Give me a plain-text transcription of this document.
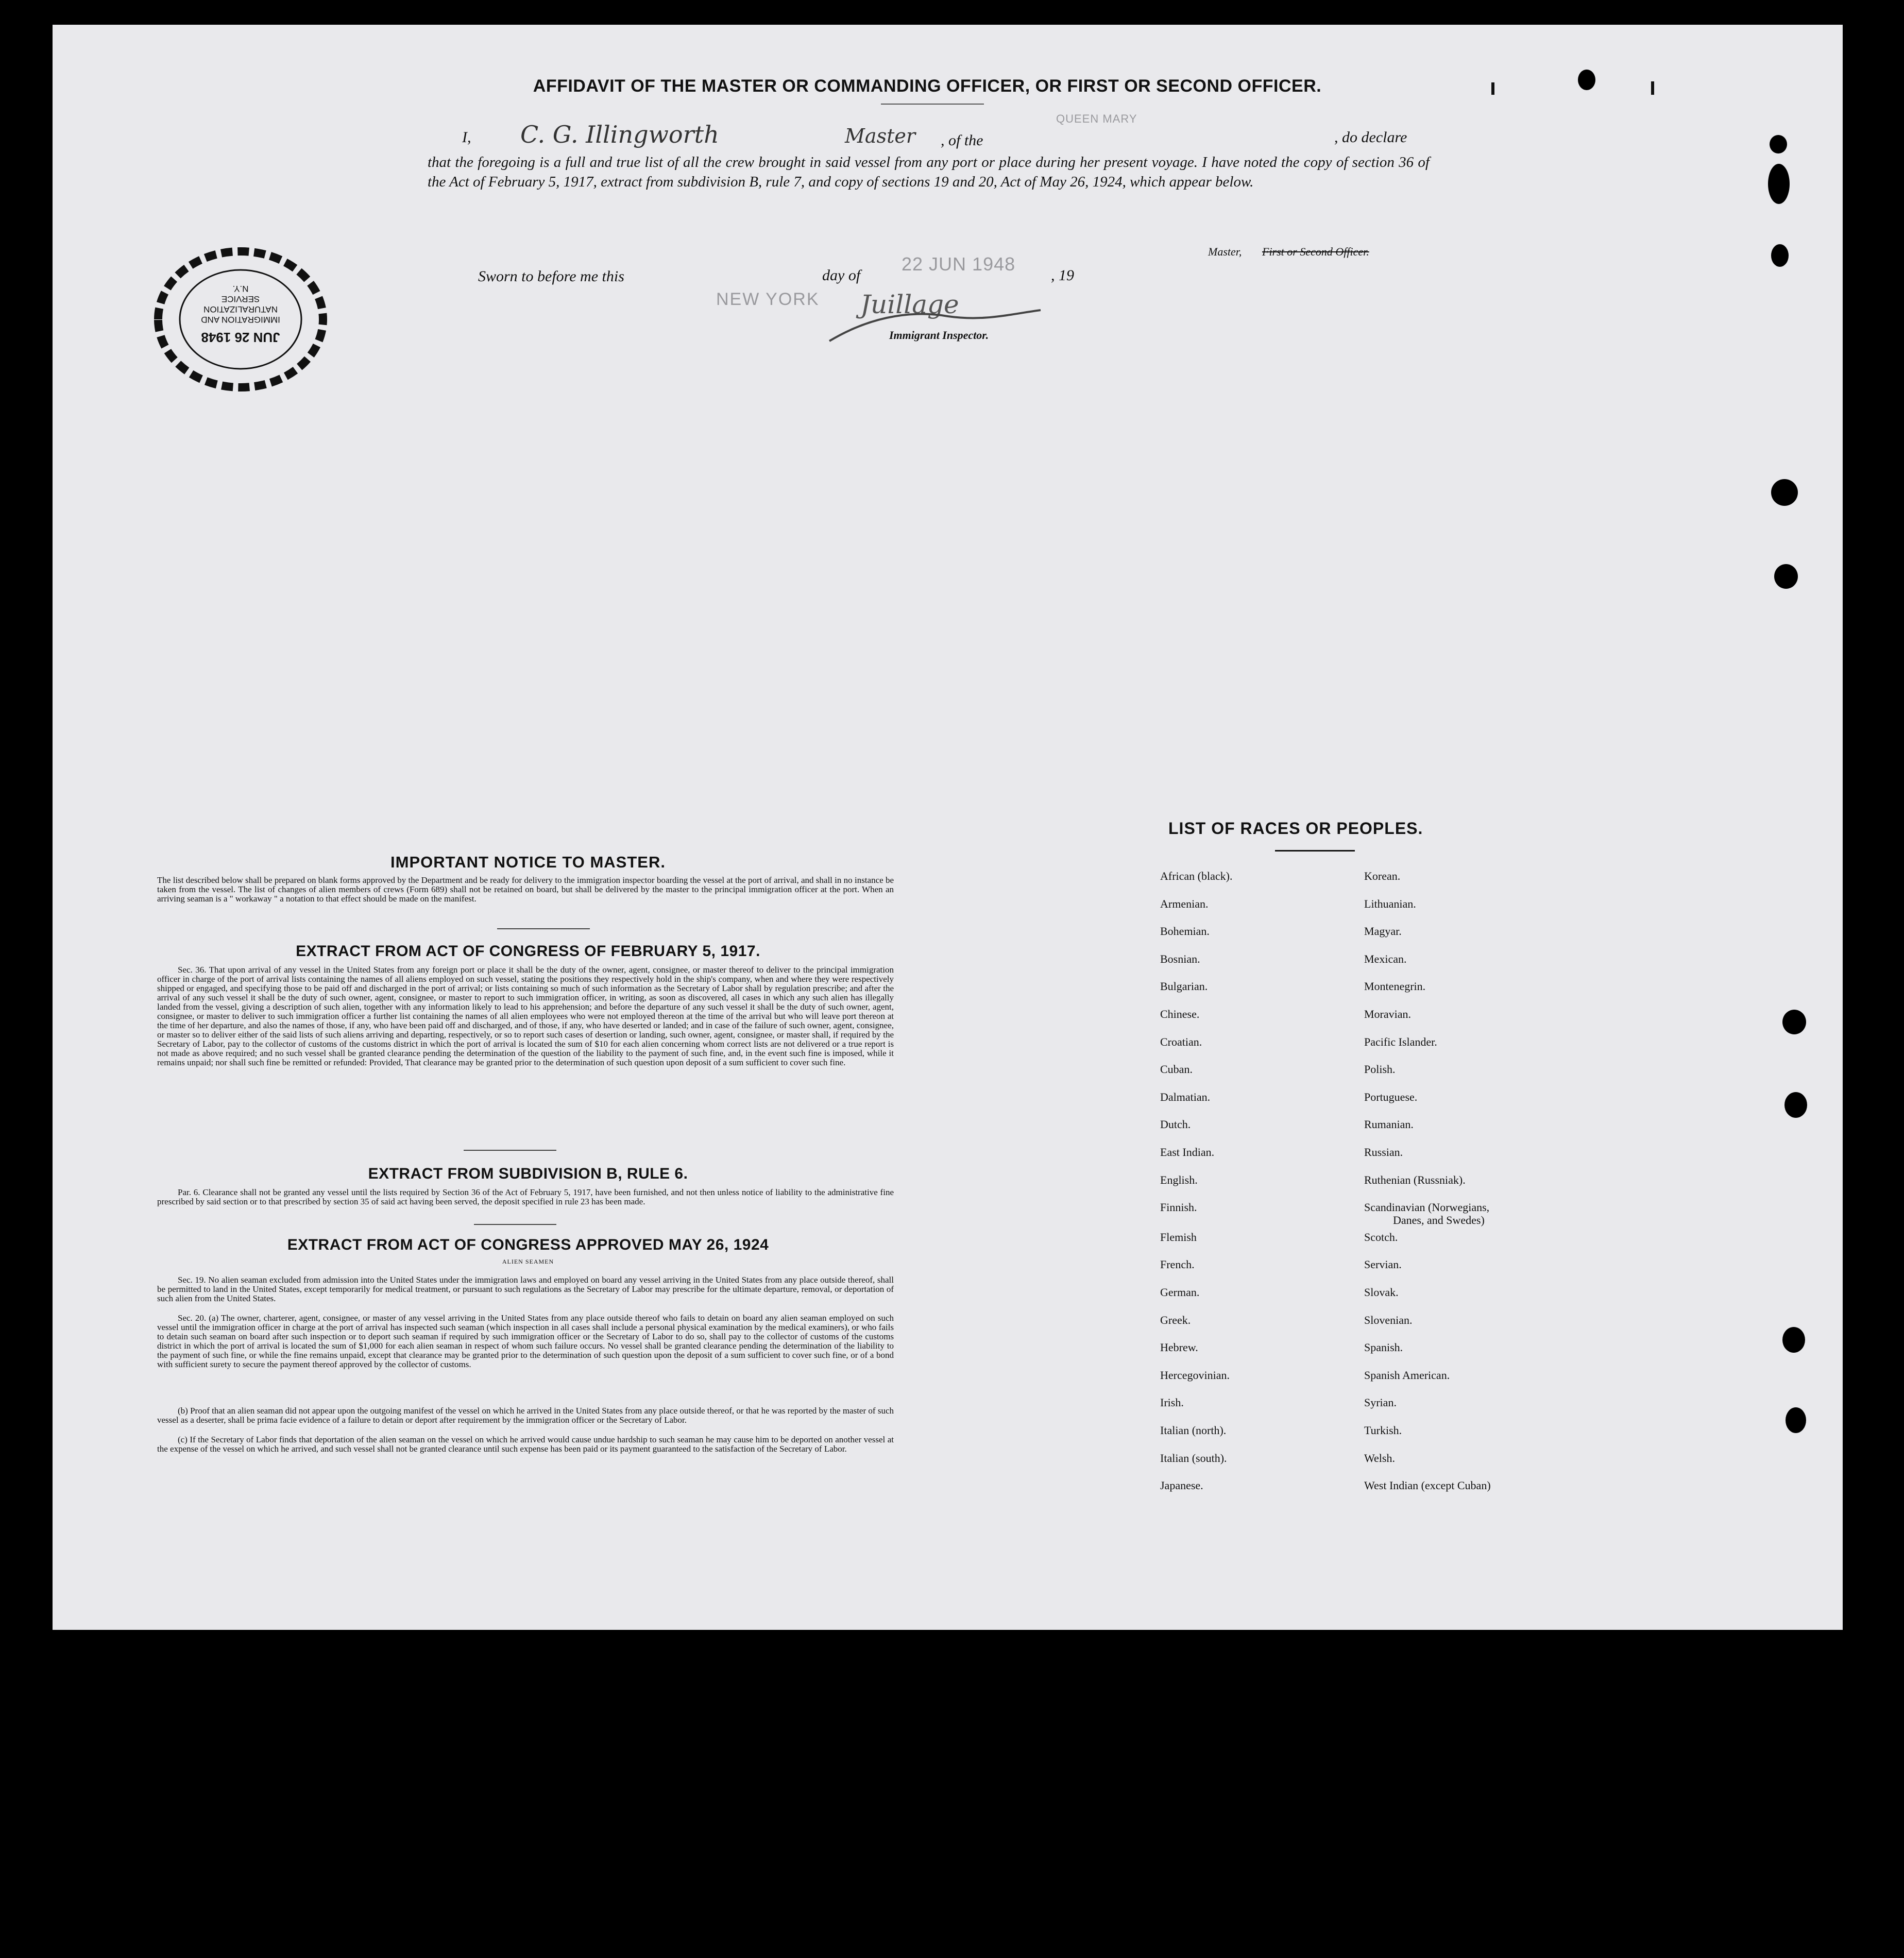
AFFIDAVIT OF THE MASTER OR COMMANDING OFFICER, OR FIRST OR SECOND OFFICER.
I, C. G. Illingworth	Master , of the
QUEEN MARY
, do declare
that the foregoing is a full and true list of all the crew brought in said vessel from any port or place during her present voyage. I have noted the copy of section 36 of the Act of February 5, 1917, extract from subdivision B, rule 7, and copy of sections 19 and 20, Act of May 26, 1924, which appear below.
Master, First or Second Officer.
Sworn to before me this	day of
22 JUN 1948
, 19
NEW YORK Juillage
Immigrant Inspector.
JUN 26 1948
IMMIGRATION AND
NATURALIZATION
SERVICE
N.Y.
IMPORTANT NOTICE TO MASTER.
The list described below shall be prepared on blank forms approved by the Department and be ready for delivery to the immigration inspector boarding the vessel at the port of arrival, and shall in no instance be taken from the vessel. The list of changes of alien members of crews (Form 689) shall not be retained on board, but shall be delivered by the master to the principal immigration officer at the port. When an arriving seaman is a " workaway " a notation to that effect should be made on the manifest.
EXTRACT FROM ACT OF CONGRESS OF FEBRUARY 5, 1917.
Sec. 36. That upon arrival of any vessel in the United States from any foreign port or place it shall be the duty of the owner, agent, consignee, or master thereof to deliver to the principal immigration officer in charge of the port of arrival lists containing the names of all aliens employed on such vessel, stating the positions they respectively hold in the ship's company, when and where they were respectively shipped or engaged, and specifying those to be paid off and discharged in the port of arrival; or lists containing so much of such information as the Secretary of Labor shall by regulation prescribe; and after the arrival of any such vessel it shall be the duty of such owner, agent, consignee, or master to report to such immigration officer, in writing, as soon as discovered, all cases in which any such alien has illegally landed from the vessel, giving a description of such alien, together with any information likely to lead to his apprehension; and before the departure of any such vessel it shall be the duty of such owner, agent, consignee, or master to deliver to such immigration officer a further list containing the names of all alien employees who were not employed thereon at the time of the arrival but who will leave port thereon at the time of her departure, and also the names of those, if any, who have been paid off and discharged, and of those, if any, who have deserted or landed; and in case of the failure of such owner, agent, consignee, or master so to deliver either of the said lists of such aliens arriving and departing, respectively, or so to report such cases of desertion or landing, such owner, agent, consignee, or master shall, if required by the Secretary of Labor, pay to the collector of customs of the customs district in which the port of arrival is located the sum of $10 for each alien concerning whom correct lists are not delivered or a true report is not made as above required; and no such vessel shall be granted clearance pending the determination of the question of the liability to the payment of such fine, and, in the event such fine is imposed, while it remains unpaid; nor shall such fine be remitted or refunded: Provided, That clearance may be granted prior to the determination of such question upon deposit of a sum sufficient to cover such fine.
EXTRACT FROM SUBDIVISION B, RULE 6.
Par. 6. Clearance shall not be granted any vessel until the lists required by Section 36 of the Act of February 5, 1917, have been furnished, and not then unless notice of liability to the administrative fine prescribed by said section or to that prescribed by section 35 of said act having been served, the deposit specified in rule 23 has been made.
EXTRACT FROM ACT OF CONGRESS APPROVED MAY 26, 1924
ALIEN SEAMEN
Sec. 19. No alien seaman excluded from admission into the United States under the immigration laws and employed on board any vessel arriving in the United States from any place outside thereof, shall be permitted to land in the United States, except temporarily for medical treatment, or pursuant to such regulations as the Secretary of Labor may prescribe for the ultimate departure, removal, or deportation of such alien from the United States.
Sec. 20. (a) The owner, charterer, agent, consignee, or master of any vessel arriving in the United States from any place outside thereof who fails to detain on board any alien seaman employed on such vessel until the immigration officer in charge at the port of arrival has inspected such seaman (which inspection in all cases shall include a personal physical examination by the medical examiners), or who fails to detain such seaman on board after such inspection or to deport such seaman if required by such immigration officer or the Secretary of Labor to do so, shall pay to the collector of customs of the customs district in which the port of arrival is located the sum of $1,000 for each alien seaman in respect of whom such failure occurs. No vessel shall be granted clearance pending the determination of the liability to the payment of such fine, or while the fine remains unpaid, except that clearance may be granted prior to the determination of such question upon the deposit of a sum sufficient to cover such fine, or of a bond with sufficient surety to secure the payment thereof approved by the collector of customs.
(b) Proof that an alien seaman did not appear upon the outgoing manifest of the vessel on which he arrived in the United States from any place outside thereof, or that he was reported by the master of such vessel as a deserter, shall be prima facie evidence of a failure to detain or deport after requirement by the immigration officer or the Secretary of Labor.
(c) If the Secretary of Labor finds that deportation of the alien seaman on the vessel on which he arrived would cause undue hardship to such seaman he may cause him to be deported on another vessel at the expense of the vessel on which he arrived, and such vessel shall not be granted clearance until such expense has been paid or its payment guaranteed to the satisfaction of the Secretary of Labor.
LIST OF RACES OR PEOPLES.
African (black).
Armenian.
Bohemian.
Bosnian.
Bulgarian.
Chinese.
Croatian.
Cuban.
Dalmatian.
Dutch.
East Indian.
English.
Finnish.
Flemish
French.
German.
Greek.
Hebrew.
Hercegovinian.
Irish.
Italian (north).
Italian (south).
Japanese.
Korean.
Lithuanian.
Magyar.
Mexican.
Montenegrin.
Moravian.
Pacific Islander.
Polish.
Portuguese.
Rumanian.
Russian.
Ruthenian (Russniak).
Scandinavian (Norwegians,
Scotch.
Servian.
Slovak.
Slovenian.
Spanish.
Spanish American.
Syrian.
Turkish.
Welsh.
West Indian (except Cuban)
Danes, and Swedes)
